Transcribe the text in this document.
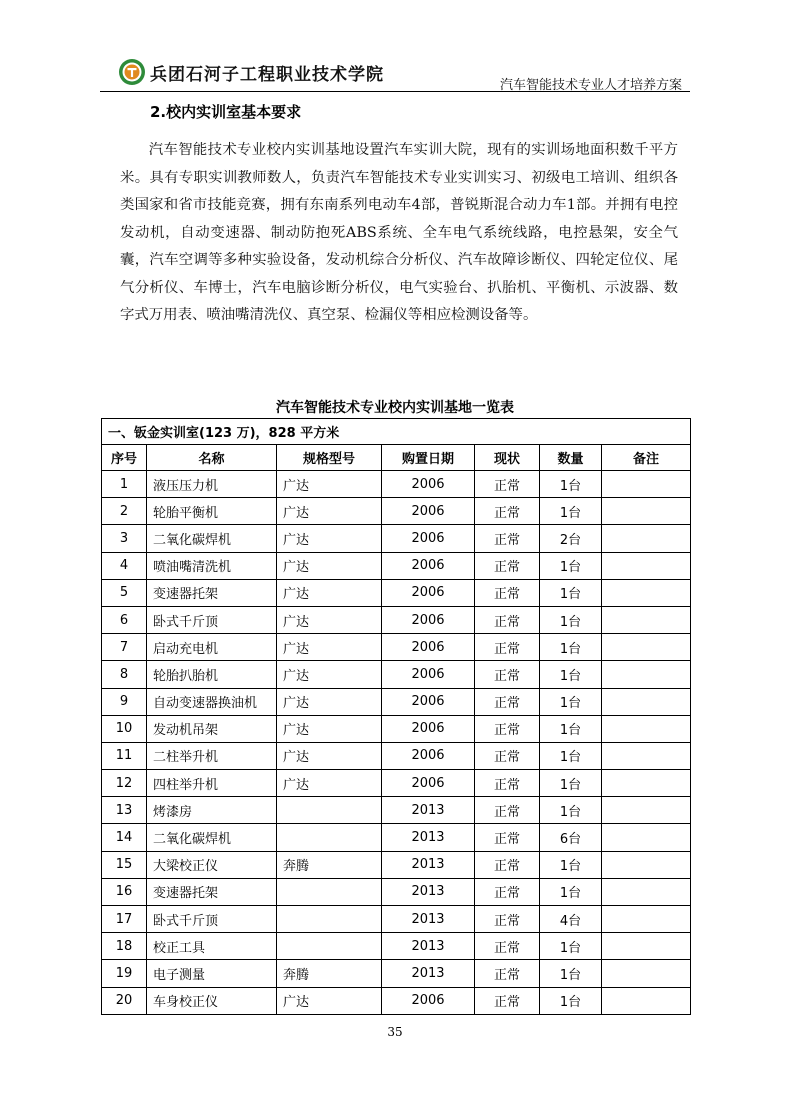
兵团石河子工程职业技术学院
汽车智能技术专业人才培养方案
2.校内实训室基本要求

汽车智能技术专业校内实训基地设置汽车实训大院，现有的实训场地面积数千平方米。具有专职实训教师数人，负责汽车智能技术专业实训实习、初级电工培训、组织各类国家和省市技能竞赛，拥有东南系列电动车4部，普锐斯混合动力车1部。并拥有电控发动机，自动变速器、制动防抱死ABS系统、全车电气系统线路，电控悬架，安全气囊，汽车空调等多种实验设备，发动机综合分析仪、汽车故障诊断仪、四轮定位仪、尾气分析仪、车博士，汽车电脑诊断分析仪，电气实验台、扒胎机、平衡机、示波器、数字式万用表、喷油嘴清洗仪、真空泵、检漏仪等相应检测设备等。

汽车智能技术专业校内实训基地一览表
一、钣金实训室(123 万)，828 平方米						
序号	名称	规格型号	购置日期	现状	数量	备注
1	液压压力机	广达	2006	正常	1台	
2	轮胎平衡机	广达	2006	正常	1台	
3	二氧化碳焊机	广达	2006	正常	2台	
4	喷油嘴清洗机	广达	2006	正常	1台	
5	变速器托架	广达	2006	正常	1台	
6	卧式千斤顶	广达	2006	正常	1台	
7	启动充电机	广达	2006	正常	1台	
8	轮胎扒胎机	广达	2006	正常	1台	
9	自动变速器换油机	广达	2006	正常	1台	
10	发动机吊架	广达	2006	正常	1台	
11	二柱举升机	广达	2006	正常	1台	
12	四柱举升机	广达	2006	正常	1台	
13	烤漆房		2013	正常	1台	
14	二氧化碳焊机		2013	正常	6台	
15	大梁校正仪	奔腾	2013	正常	1台	
16	变速器托架		2013	正常	1台	
17	卧式千斤顶		2013	正常	4台	
18	校正工具		2013	正常	1台	
19	电子测量	奔腾	2013	正常	1台	
20	车身校正仪	广达	2006	正常	1台	
35
